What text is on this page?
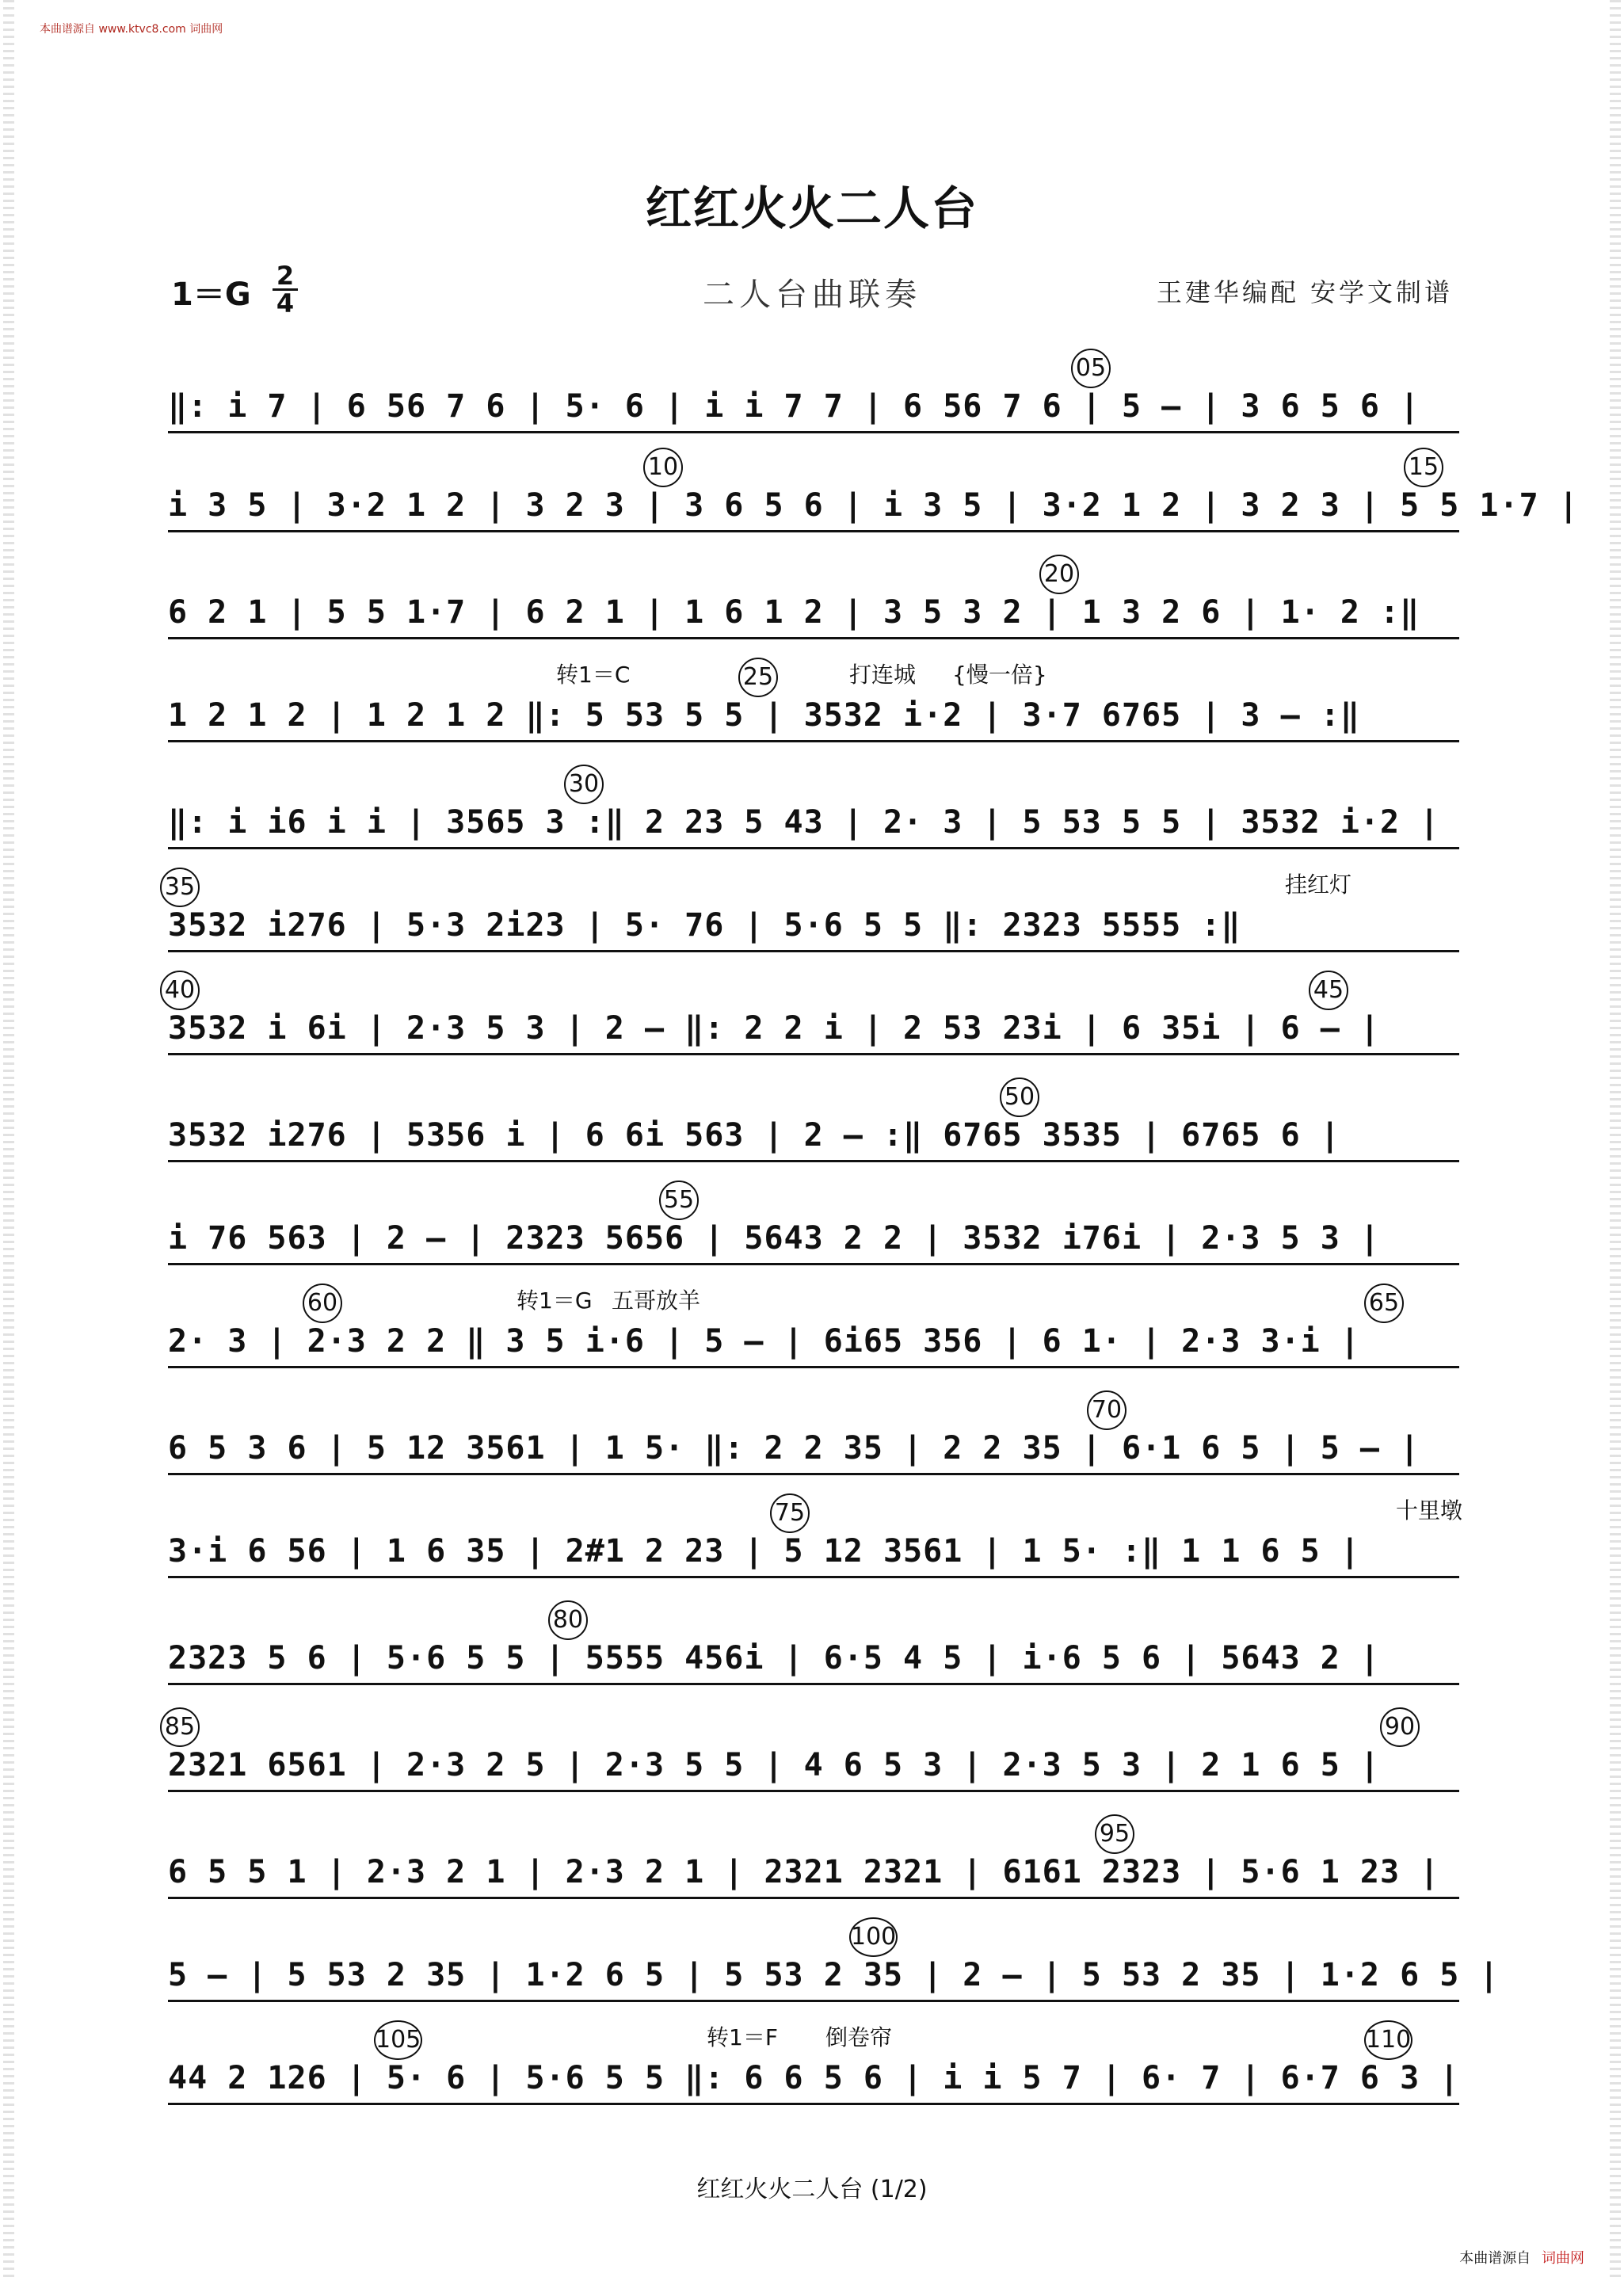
本曲谱源自 www.ktvc8.com 词曲网
红红火火二人台
1＝G
2
4	二人台曲联奏	王建华编配 安学文制谱
05
‖: i 7 | 6 56 7 6 | 5· 6 | i i 7 7 | 6 56 7 6 | 5 – | 3 6 5 6 |
10	15
i 3 5 | 3·2 1 2 | 3 2 3 | 3 6 5 6 | i 3 5 | 3·2 1 2 | 3 2 3 | 5 5 1·7 |
20
6 2 1 | 5 5 1·7 | 6 2 1 | 1 6 1 2 | 3 5 3 2 | 1 3 2 6 | 1· 2 :‖
转1＝C	打连城 {慢一倍}
25
1 2 1 2 | 1 2 1 2 ‖: 5 53 5 5 | 3532 i·2 | 3·7 6765 | 3 – :‖
30
‖: i i6 i i | 3565 3 :‖ 2 23 5 43 | 2· 3 | 5 53 5 5 | 3532 i·2 |
35	挂红灯
3532 i276 | 5·3 2i23 | 5· 76 | 5·6 5 5 ‖: 2323 5555 :‖
40	45
3532 i 6i | 2·3 5 3 | 2 – ‖: 2 2 i | 2 53 23i | 6 35i | 6 – |
50
3532 i276 | 5356 i | 6 6i 563 | 2 – :‖ 6765 3535 | 6765 6 |
55
i 76 563 | 2 – | 2323 5656 | 5643 2 2 | 3532 i76i | 2·3 5 3 |
60	转1＝G 五哥放羊	65
2· 3 | 2·3 2 2 ‖ 3 5 i·6 | 5 – | 6i65 356 | 6 1· | 2·3 3·i |
70
6 5 3 6 | 5 12 3561 | 1 5· ‖: 2 2 35 | 2 2 35 | 6·1 6 5 | 5 – |
75	十里墩
3·i 6 56 | 1 6 35 | 2#1 2 23 | 5 12 3561 | 1 5· :‖ 1 1 6 5 |
80
2323 5 6 | 5·6 5 5 | 5555 456i | 6·5 4 5 | i·6 5 6 | 5643 2 |
85	90
2321 6561 | 2·3 2 5 | 2·3 5 5 | 4 6 5 3 | 2·3 5 3 | 2 1 6 5 |
95
6 5 5 1 | 2·3 2 1 | 2·3 2 1 | 2321 2321 | 6161 2323 | 5·6 1 23 |
100
5 – | 5 53 2 35 | 1·2 6 5 | 5 53 2 35 | 2 – | 5 53 2 35 | 1·2 6 5 |
105	转1＝F 倒卷帘	110
44 2 126 | 5· 6 | 5·6 5 5 ‖: 6 6 5 6 | i i 5 7 | 6· 7 | 6·7 6 3 |
红红火火二人台 (1/2)
本曲谱源自 词曲网
